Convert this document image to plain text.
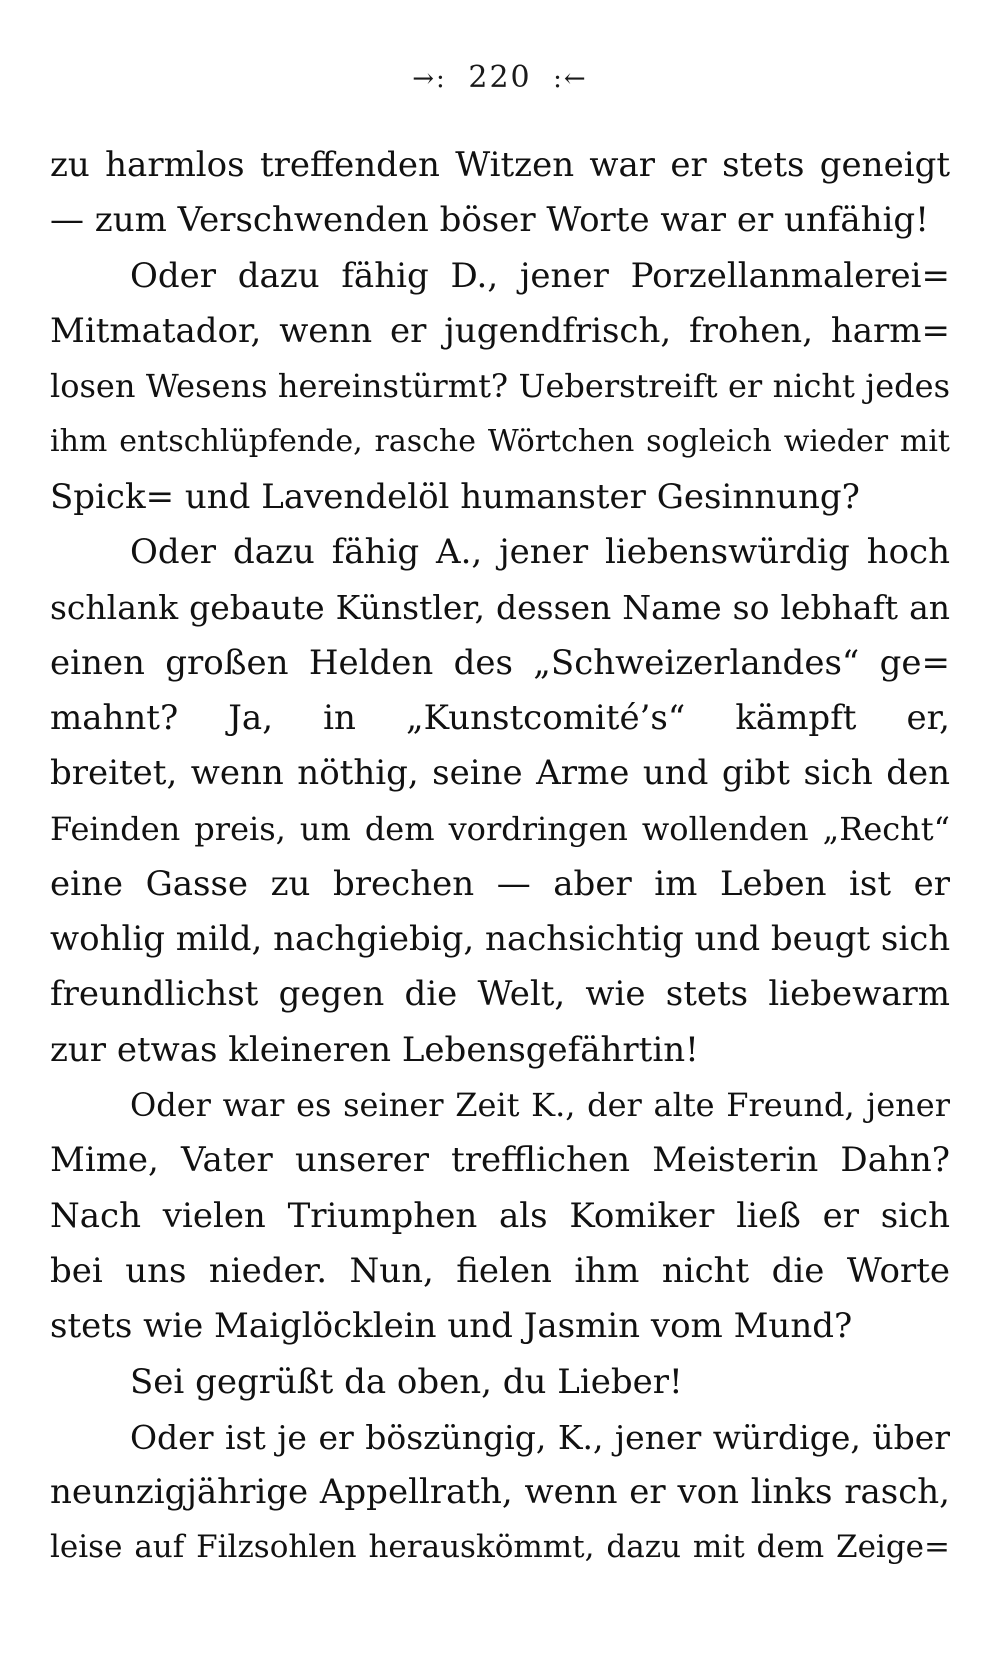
→: 220 :←
zu harmlos treffenden Witzen war er stets geneigt
— zum Verschwenden böser Worte war er unfähig!
Oder dazu fähig D., jener Porzellanmalerei=
Mitmatador, wenn er jugendfrisch, frohen, harm=
losen Wesens hereinstürmt? Ueberstreift er nicht jedes
ihm entschlüpfende, rasche Wörtchen sogleich wieder mit
Spick= und Lavendelöl humanster Gesinnung?
Oder dazu fähig A., jener liebenswürdig hoch
schlank gebaute Künstler, dessen Name so lebhaft an
einen großen Helden des „Schweizerlandes“ ge=
mahnt? Ja, in „Kunstcomité’s“ kämpft er,
breitet, wenn nöthig, seine Arme und gibt sich den
Feinden preis, um dem vordringen wollenden „Recht“
eine Gasse zu brechen — aber im Leben ist er
wohlig mild, nachgiebig, nachsichtig und beugt sich
freundlichst gegen die Welt, wie stets liebewarm
zur etwas kleineren Lebensgefährtin!
Oder war es seiner Zeit K., der alte Freund, jener
Mime, Vater unserer trefflichen Meisterin Dahn?
Nach vielen Triumphen als Komiker ließ er sich
bei uns nieder. Nun, fielen ihm nicht die Worte
stets wie Maiglöcklein und Jasmin vom Mund?
Sei gegrüßt da oben, du Lieber!
Oder ist je er böszüngig, K., jener würdige, über
neunzigjährige Appellrath, wenn er von links rasch,
leise auf Filzsohlen herauskömmt, dazu mit dem Zeige=
